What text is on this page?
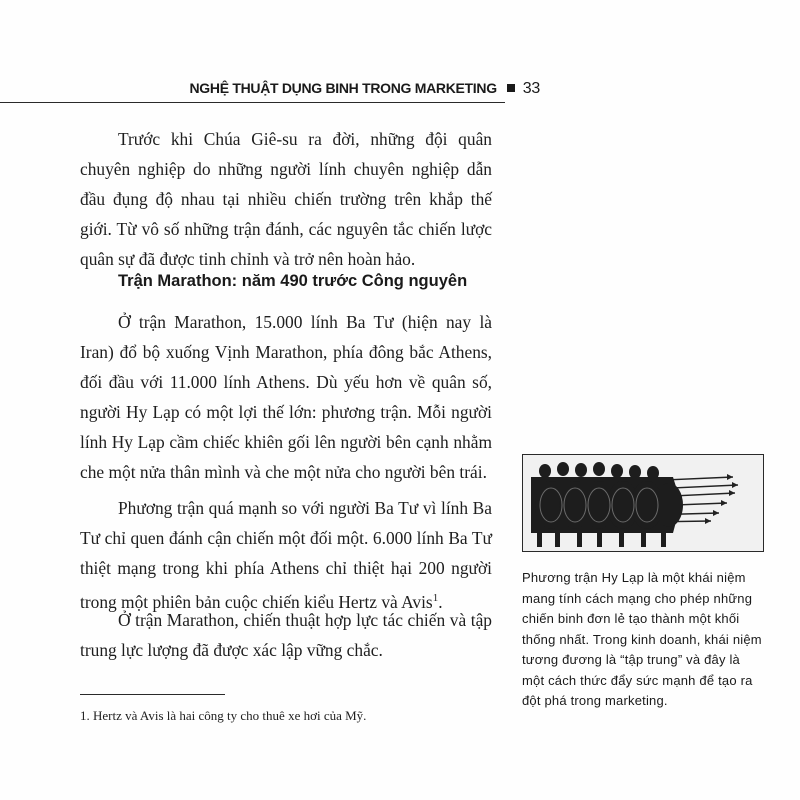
NGHỆ THUẬT DỤNG BINH TRONG MARKETING 33

Trước khi Chúa Giê-su ra đời, những đội quân chuyên nghiệp do những người lính chuyên nghiệp dẫn đầu đụng độ nhau tại nhiều chiến trường trên khắp thế giới. Từ vô số những trận đánh, các nguyên tắc chiến lược quân sự đã được tinh chỉnh và trở nên hoàn hảo.

Trận Marathon: năm 490 trước Công nguyên

Ở trận Marathon, 15.000 lính Ba Tư (hiện nay là Iran) đổ bộ xuống Vịnh Marathon, phía đông bắc Athens, đối đầu với 11.000 lính Athens. Dù yếu hơn về quân số, người Hy Lạp có một lợi thế lớn: phương trận. Mỗi người lính Hy Lạp cầm chiếc khiên gối lên người bên cạnh nhằm che một nửa thân mình và che một nửa cho người bên trái.

Phương trận quá mạnh so với người Ba Tư vì lính Ba Tư chỉ quen đánh cận chiến một đối một. 6.000 lính Ba Tư thiệt mạng trong khi phía Athens chỉ thiệt hại 200 người trong một phiên bản cuộc chiến kiểu Hertz và Avis$^1$.

Ở trận Marathon, chiến thuật hợp lực tác chiến và tập trung lực lượng đã được xác lập vững chắc.

1. Hertz và Avis là hai công ty cho thuê xe hơi của Mỹ.
Phương trận Hy Lạp là một khái niệm mang tính cách mạng cho phép những chiến binh đơn lẻ tạo thành một khối thống nhất. Trong kinh doanh, khái niệm tương đương là “tập trung” và đây là một cách thức đẩy sức mạnh để tạo ra đột phá trong marketing.
